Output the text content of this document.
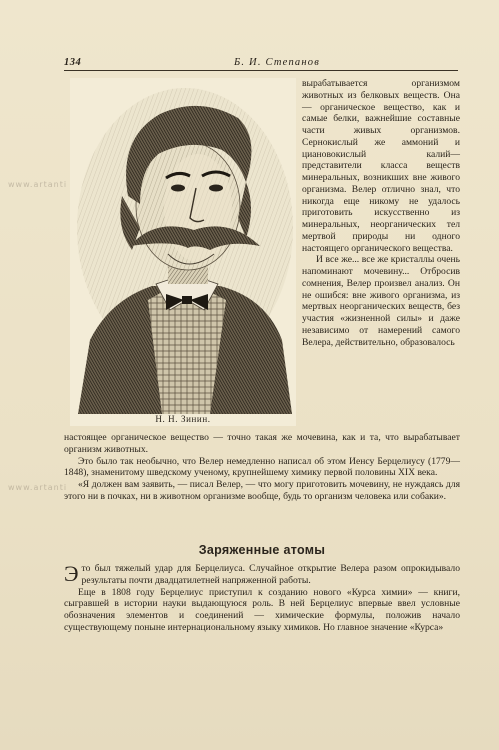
134	Б. И. Степанов
Н. Н. Зинин.

вырабатывается организмом животных из белковых веществ. Она — органическое вещество, как и самые белки, важнейшие составные части живых организмов. Сернокислый же аммоний и циановокислый калий—представители класса веществ минеральных, возникших вне живого организма. Велер отлично знал, что никогда еще никому не удалось приготовить искусственно из минеральных, неорганических тел мертвой природы ни одного настоящего органического вещества.

И все же... все же кристаллы очень напоминают мочевину... Отбросив сомнения, Велер произвел анализ. Он не ошибся: вне живого организма, из мертвых неорганических веществ, без участия «жизненной силы» и даже независимо от намерений самого Велера, действительно, образовалось

настоящее органическое вещество — точно такая же мочевина, как и та, что вырабатывает организм животных.

Это было так необычно, что Велер немедленно написал об этом Иенсу Берцелиусу (1779—1848), знаменитому шведскому ученому, крупнейшему химику первой половины XIX века.

«Я должен вам заявить, — писал Велер, — что могу приготовить мочевину, не нуждаясь для этого ни в почках, ни в животном организме вообще, будь то организм человека или собаки».

Заряженные атомы

Это был тяжелый удар для Берцелиуса. Случайное открытие Велера разом опрокидывало результаты почти двадцатилетней напряженной работы.

Еще в 1808 году Берцелиус приступил к созданию нового «Курса химии» — книги, сыгравшей в истории науки выдающуюся роль. В ней Берцелиус впервые ввел условные обозначения элементов и соединений — химические формулы, положив начало существующему поныне интернациональному языку химиков. Но главное значение «Курса»

www.artanti
www.artanti
